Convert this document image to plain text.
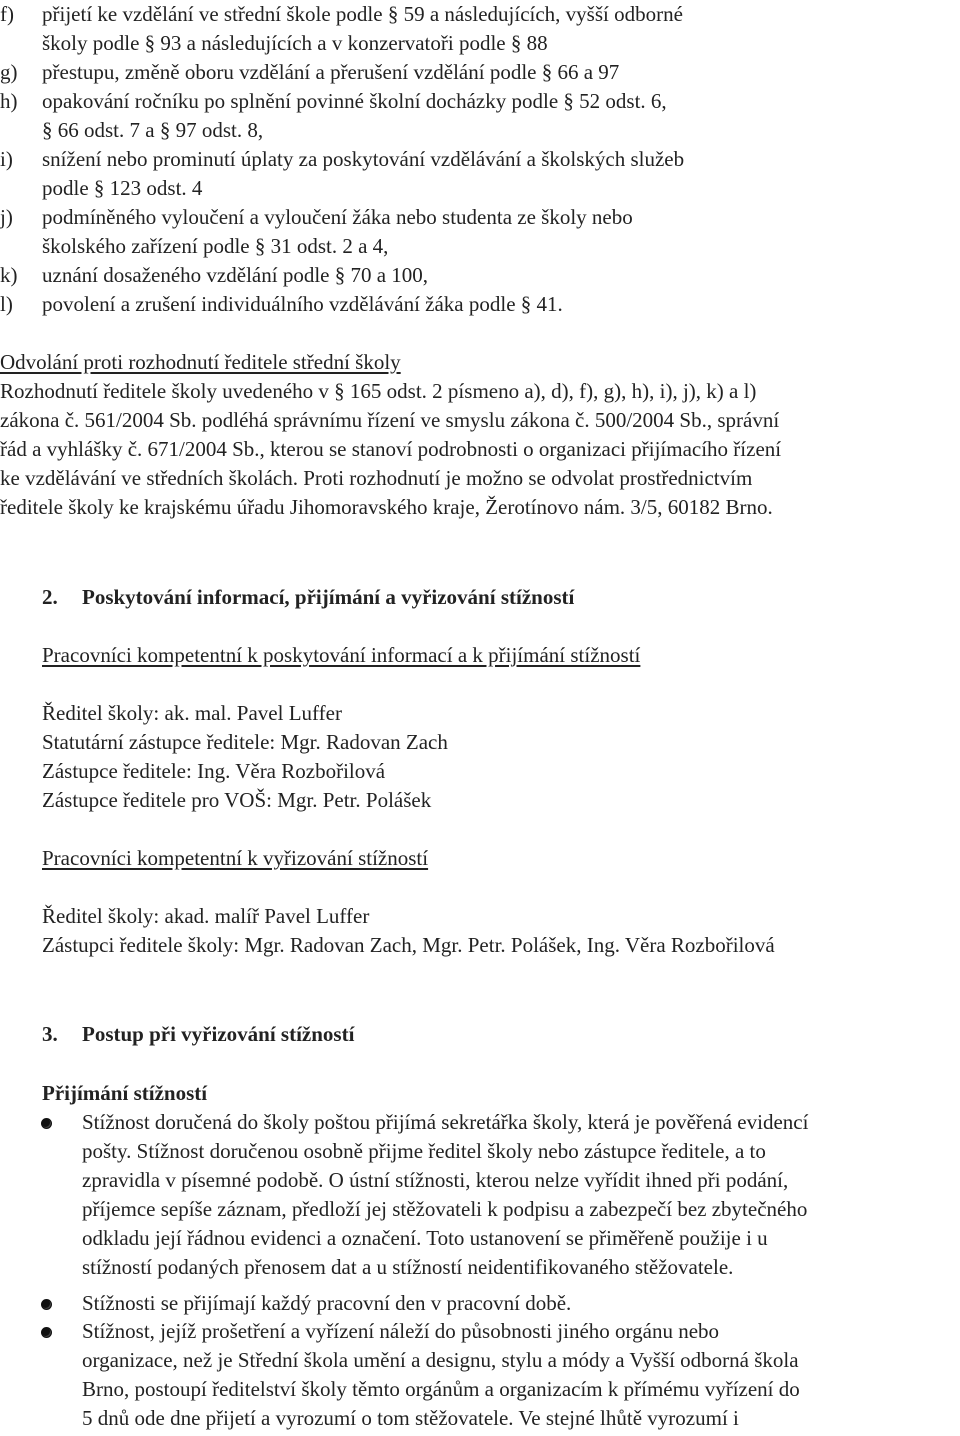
f) přijetí ke vzdělání ve střední škole podle § 59 a následujících, vyšší odborné
školy podle § 93 a následujících a v konzervatoři podle § 88
g) přestupu, změně oboru vzdělání a přerušení vzdělání podle § 66 a 97
h) opakování ročníku po splnění povinné školní docházky podle § 52 odst. 6,
§ 66 odst. 7 a § 97 odst. 8,
i) snížení nebo prominutí úplaty za poskytování vzdělávání a školských služeb
podle § 123 odst. 4
j) podmíněného vyloučení a vyloučení žáka nebo studenta ze školy nebo
školského zařízení podle § 31 odst. 2 a 4,
k) uznání dosaženého vzdělání podle § 70 a 100,
l) povolení a zrušení individuálního vzdělávání žáka podle § 41.
Odvolání proti rozhodnutí ředitele střední školy
Rozhodnutí ředitele školy uvedeného v § 165 odst. 2 písmeno a), d), f), g), h), i), j), k) a l)
zákona č. 561/2004 Sb. podléhá správnímu řízení ve smyslu zákona č. 500/2004 Sb., správní
řád a vyhlášky č. 671/2004 Sb., kterou se stanoví podrobnosti o organizaci přijímacího řízení
ke vzdělávání ve středních školách. Proti rozhodnutí je možno se odvolat prostřednictvím
ředitele školy ke krajskému úřadu Jihomoravského kraje, Žerotínovo nám. 3/5, 60182 Brno.
2. Poskytování informací, přijímání a vyřizování stížností
Pracovníci kompetentní k poskytování informací a k přijímání stížností
Ředitel školy: ak. mal. Pavel Luffer
Statutární zástupce ředitele: Mgr. Radovan Zach
Zástupce ředitele: Ing. Věra Rozbořilová
Zástupce ředitele pro VOŠ: Mgr. Petr. Polášek
Pracovníci kompetentní k vyřizování stížností
Ředitel školy: akad. malíř Pavel Luffer
Zástupci ředitele školy: Mgr. Radovan Zach, Mgr. Petr. Polášek, Ing. Věra Rozbořilová
3. Postup při vyřizování stížností
Přijímání stížností
Stížnost doručená do školy poštou přijímá sekretářka školy, která je pověřená evidencí
pošty. Stížnost doručenou osobně přijme ředitel školy nebo zástupce ředitele, a to
zpravidla v písemné podobě. O ústní stížnosti, kterou nelze vyřídit ihned při podání,
příjemce sepíše záznam, předloží jej stěžovateli k podpisu a zabezpečí bez zbytečného
odkladu její řádnou evidenci a označení. Toto ustanovení se přiměřeně použije i u
stížností podaných přenosem dat a u stížností neidentifikovaného stěžovatele.
Stížnosti se přijímají každý pracovní den v pracovní době.
Stížnost, jejíž prošetření a vyřízení náleží do působnosti jiného orgánu nebo
organizace, než je Střední škola umění a designu, stylu a módy a Vyšší odborná škola
Brno, postoupí ředitelství školy těmto orgánům a organizacím k přímému vyřízení do
5 dnů ode dne přijetí a vyrozumí o tom stěžovatele. Ve stejné lhůtě vyrozumí i
